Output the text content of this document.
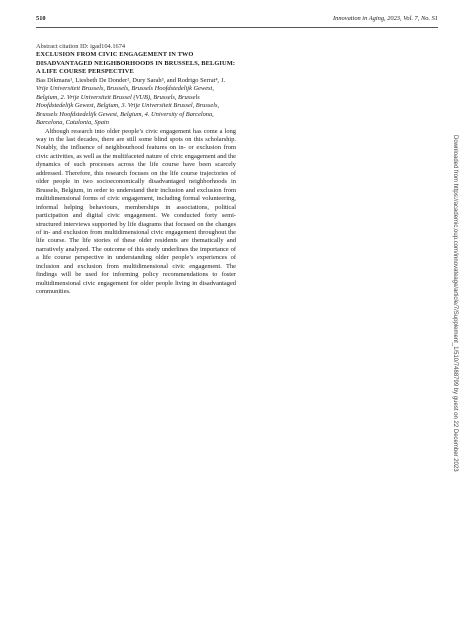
510	Innovation in Aging, 2023, Vol. 7, No. S1

Abstract citation ID: igad104.1674

EXCLUSION FROM CIVIC ENGAGEMENT IN TWO DISADVANTAGED NEIGHBORHOODS IN BRUSSELS, BELGIUM: A LIFE COURSE PERSPECTIVE

Bas Dikmans¹, Liesbeth De Donder², Dury Sarah³, and Rodrigo Serrat⁴, 1. Vrije Universiteit Brussels, Brussels, Brussels Hoofdstedelijk Gewest, Belgium, 2. Vrije Universiteit Brussel (VUB), Brussels, Brussels Hoofdstedelijk Gewest, Belgium, 3. Vrije Universiteit Brussel, Brussels, Brussels Hoofdstedelijk Gewest, Belgium, 4. University of Barcelona, Barcelona, Catalonia, Spain

Although research into older people’s civic engagement has come a long way in the last decades, there are still some blind spots on this scholarship. Notably, the influence of neighbourhood features on in- or exclusion from civic activities, as well as the multifaceted nature of civic engagement and the dynamics of such processes across the life course have been scarcely addressed. Therefore, this research focuses on the life course trajectories of older people in two socioeconomically disadvantaged neighborhoods in Brussels, Belgium, in order to understand their inclusion and exclusion from multidimensional forms of civic engagement, including formal volunteering, informal helping behaviours, memberships in associations, political participation and digital civic engagement. We conducted forty semi-structured interviews supported by life diagrams that focused on the changes of in- and exclusion from multidimensional civic engagement throughout the life course. The life stories of these older residents are thematically and narratively analyzed. The outcome of this study underlines the importance of a life course perspective in understanding older people’s experiences of inclusion and exclusion from multidimensional civic engagement. The findings will be used for informing policy recommendations to foster multidimensional civic engagement for older people living in disadvantaged communities.	Downloaded from https://academic.oup.com/innovateage/article/7/Supplement_1/510/7488799 by guest on 22 December 2023
